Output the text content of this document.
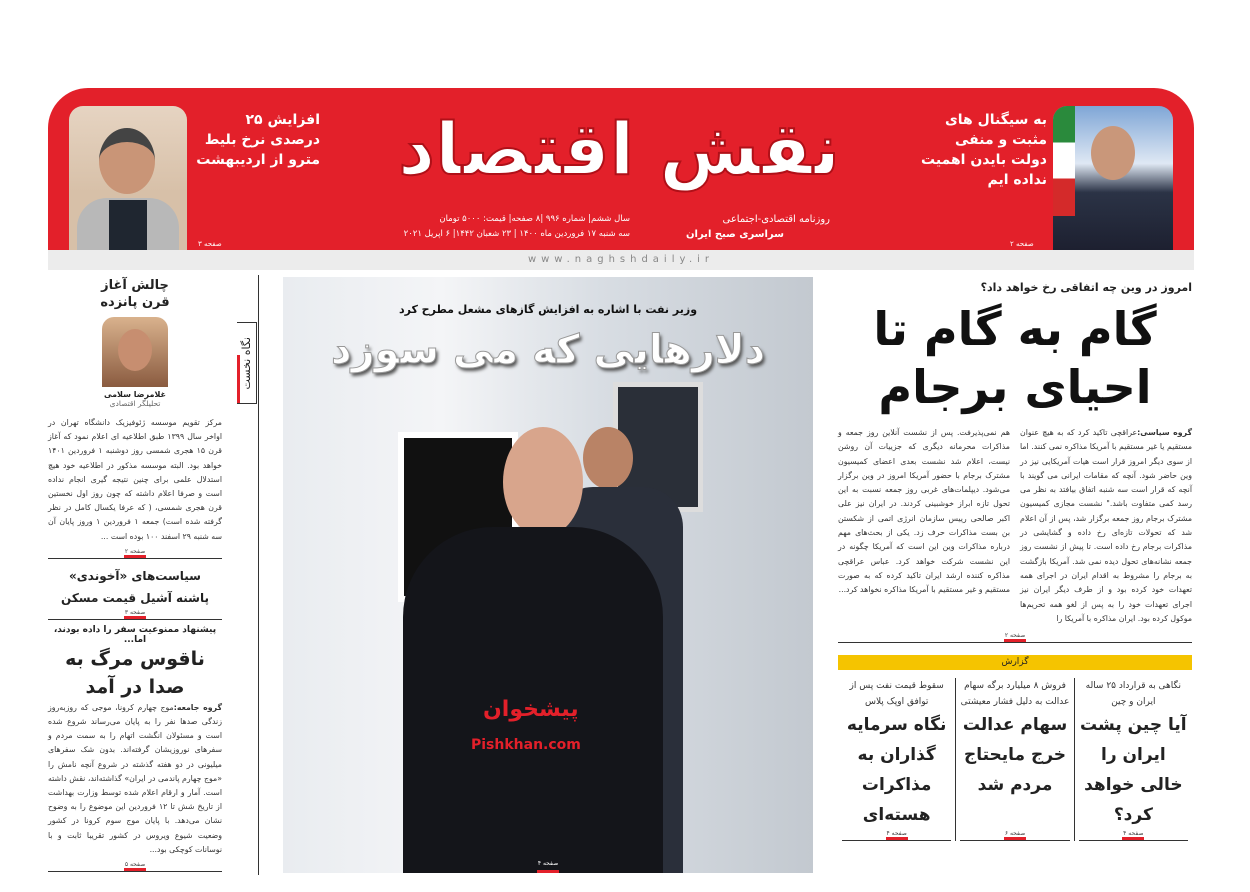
نقش اقتصاد
روزنامه اقتصادی-اجتماعی
سراسری صبح ایران
سال ششم| شماره ۹۹۶ |۸ صفحه| قیمت: ۵۰۰۰ تومان
سه شنبه ۱۷ فروردین ماه ۱۴۰۰ | ۲۳ شعبان ۱۴۴۲| ۶ اپریل ۲۰۲۱
www.naghshdaily.ir
به سیگنال های مثبت و منفی دولت بایدن اهمیت نداده ایم
صفحه ۲
افزایش ۲۵ درصدی نرخ بلیط مترو از اردیبهشت
صفحه ۳
نگاه نخست
چالش آغاز قرن پانزده
غلامرضا سلامی
تحلیلگر اقتصادی
مرکز تقویم موسسه ژئوفیزیک دانشگاه تهران در اواخر سال ۱۳۹۹ طبق اطلاعیه ای اعلام نمود که آغاز قرن ۱۵ هجری شمسی روز دوشنبه ۱ فروردین ۱۴۰۱ خواهد بود. البته موسسه مذکور در اطلاعیه خود هیچ استدلال علمی برای چنین نتیجه گیری انجام نداده است و صرفا اعلام داشته که چون روز اول نخستین قرن هجری شمسی، ( که عرفا یکسال کامل در نظر گرفته شده است) جمعه ۱ فروردین ۱ وروز پایان آن سه شنبه ۲۹ اسفند ۱۰۰ بوده است ...
صفحه ۲
سیاست‌های «آخوندی» پاشنه آشیل قیمت مسکن
صفحه ۳
پیشنهاد ممنوعیت سفر را داده بودند، اما...
ناقوس مرگ به صدا در آمد
گروه جامعه:موج چهارم کرونا، موجی که روزبه‌روز زندگی صدها نفر را به پایان می‌رساند شروع شده است و مسئولان انگشت اتهام را به سمت مردم و سفرهای نوروزیشان گرفته‌اند. بدون شک سفرهای میلیونی در دو هفته گذشته در شروع آنچه نامش را «موج چهارم پاندمی در ایران» گذاشته‌اند، نقش داشته است. آمار و ارقام اعلام شده توسط وزارت بهداشت از تاریخ شش تا ۱۲ فروردین این موضوع را به وضوح نشان می‌دهد. با پایان موج سوم کرونا در کشور وضعیت شیوع ویروس در کشور تقریبا ثابت و با نوسانات کوچکی بود...
صفحه ۵
وزیر نفت با اشاره به افزایش گازهای مشعل مطرح کرد
دلارهایی که می سوزد
پیشخوان
Pishkhan.com
صفحه ۴
امروز در وین چه اتفاقی رخ خواهد داد؟
گام به گام تا احیای برجام
گروه سیاسی:عراقچی تاکید کرد که به هیچ عنوان مستقیم یا غیر مستقیم با آمریکا مذاکره نمی کنند. اما از سوی دیگر امروز قرار است هیات آمریکایی نیز در وین حاضر شود. آنچه که مقامات ایرانی می گویند با آنچه که قرار است سه شنبه اتفاق بیافتد به نظر می رسد کمی متفاوت باشد." نشست مجازی کمیسیون مشترک برجام روز جمعه برگزار شد، پس از آن اعلام شد که تحولات تازه‌ای رخ داده و گشایشی در مذاکرات برجام رخ داده است. تا پیش از نشست روز جمعه نشانه‌های تحول دیده نمی شد. آمریکا بازگشت به برجام را مشروط به اقدام ایران در اجرای همه تعهدات خود کرده بود و از طرف دیگر ایران نیز اجرای تعهدات خود را به پس از لغو همه تحریم‌ها موکول کرده بود. ایران مذاکره با آمریکا را
هم نمی‌پذیرفت. پس از نشست آنلاین روز جمعه و مذاکرات محرمانه دیگری که جزییات آن روشن نیست، اعلام شد نشست بعدی اعضای کمیسیون مشترک برجام با حضور آمریکا امروز در وین برگزار می‌شود. دیپلمات‌های غربی روز جمعه نسبت به این تحول تازه ابراز خوشبینی کردند. در ایران نیز علی اکبر صالحی رییس سازمان انرژی اتمی از شکستن بن بست مذاکرات حرف زد. یکی از بحث‌های مهم درباره مذاکرات وین این است که آمریکا چگونه در این نشست شرکت خواهد کرد. عباس عراقچی مذاکره کننده ارشد ایران تاکید کرده که به صورت مستقیم و غیر مستقیم با آمریکا مذاکره نخواهد کرد...
صفحه ۲
گزارش
نگاهی به قرارداد ۲۵ ساله ایران و چین
آیا چین پشت ایران را خالی خواهد کرد؟
صفحه ۴
فروش ۸ میلیارد برگه سهام عدالت به دلیل فشار معیشتی
سهام عدالت خرج مایحتاج مردم شد
صفحه ۶
سقوط قیمت نفت پس از توافق اوپک پلاس
نگاه سرمایه گذاران به مذاکرات هسته‌ای
صفحه ۴
